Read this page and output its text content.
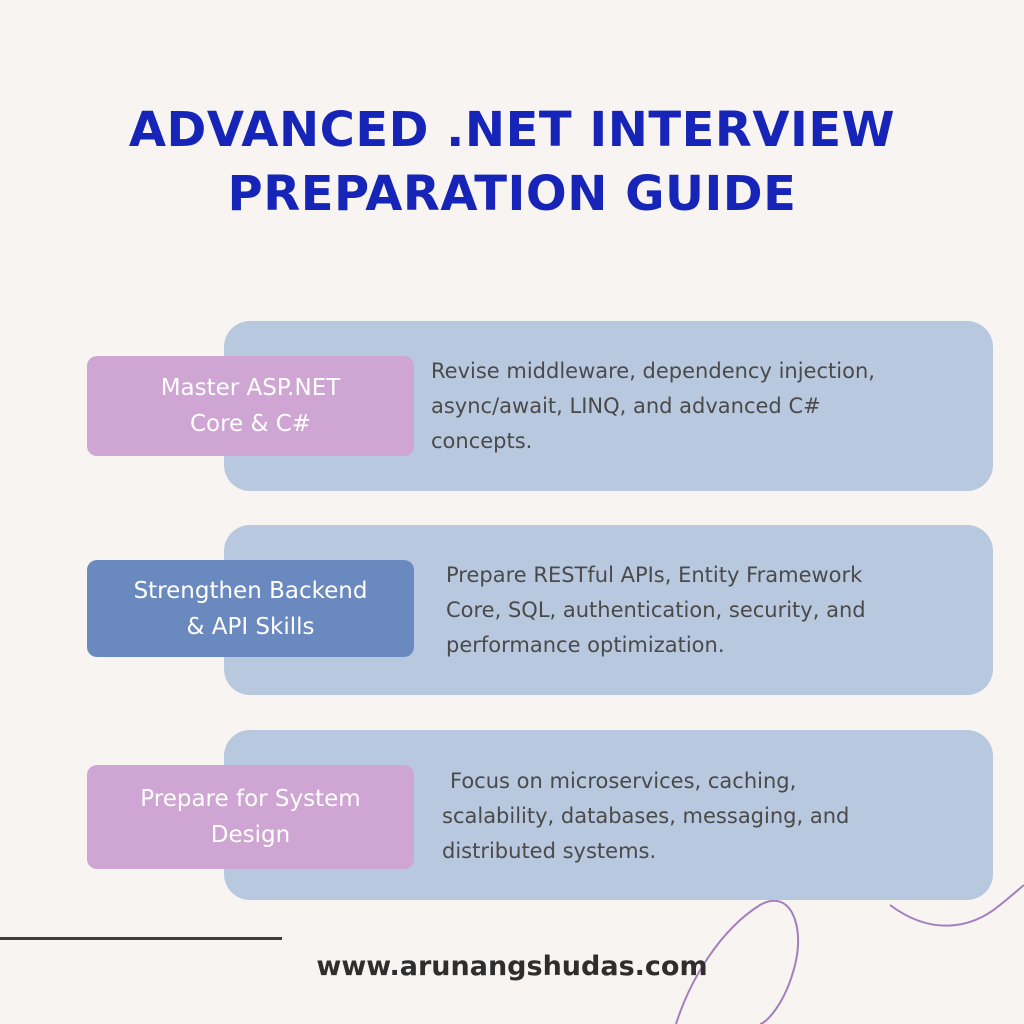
ADVANCED .NET INTERVIEW
PREPARATION GUIDE
Master ASP.NET
Core & C#
Revise middleware, dependency injection,
async/await, LINQ, and advanced C#
concepts.
Strengthen Backend
& API Skills
Prepare RESTful APIs, Entity Framework
Core, SQL, authentication, security, and
performance optimization.
Prepare for System
Design
Focus on microservices, caching,
scalability, databases, messaging, and
distributed systems.
www.arunangshudas.com
